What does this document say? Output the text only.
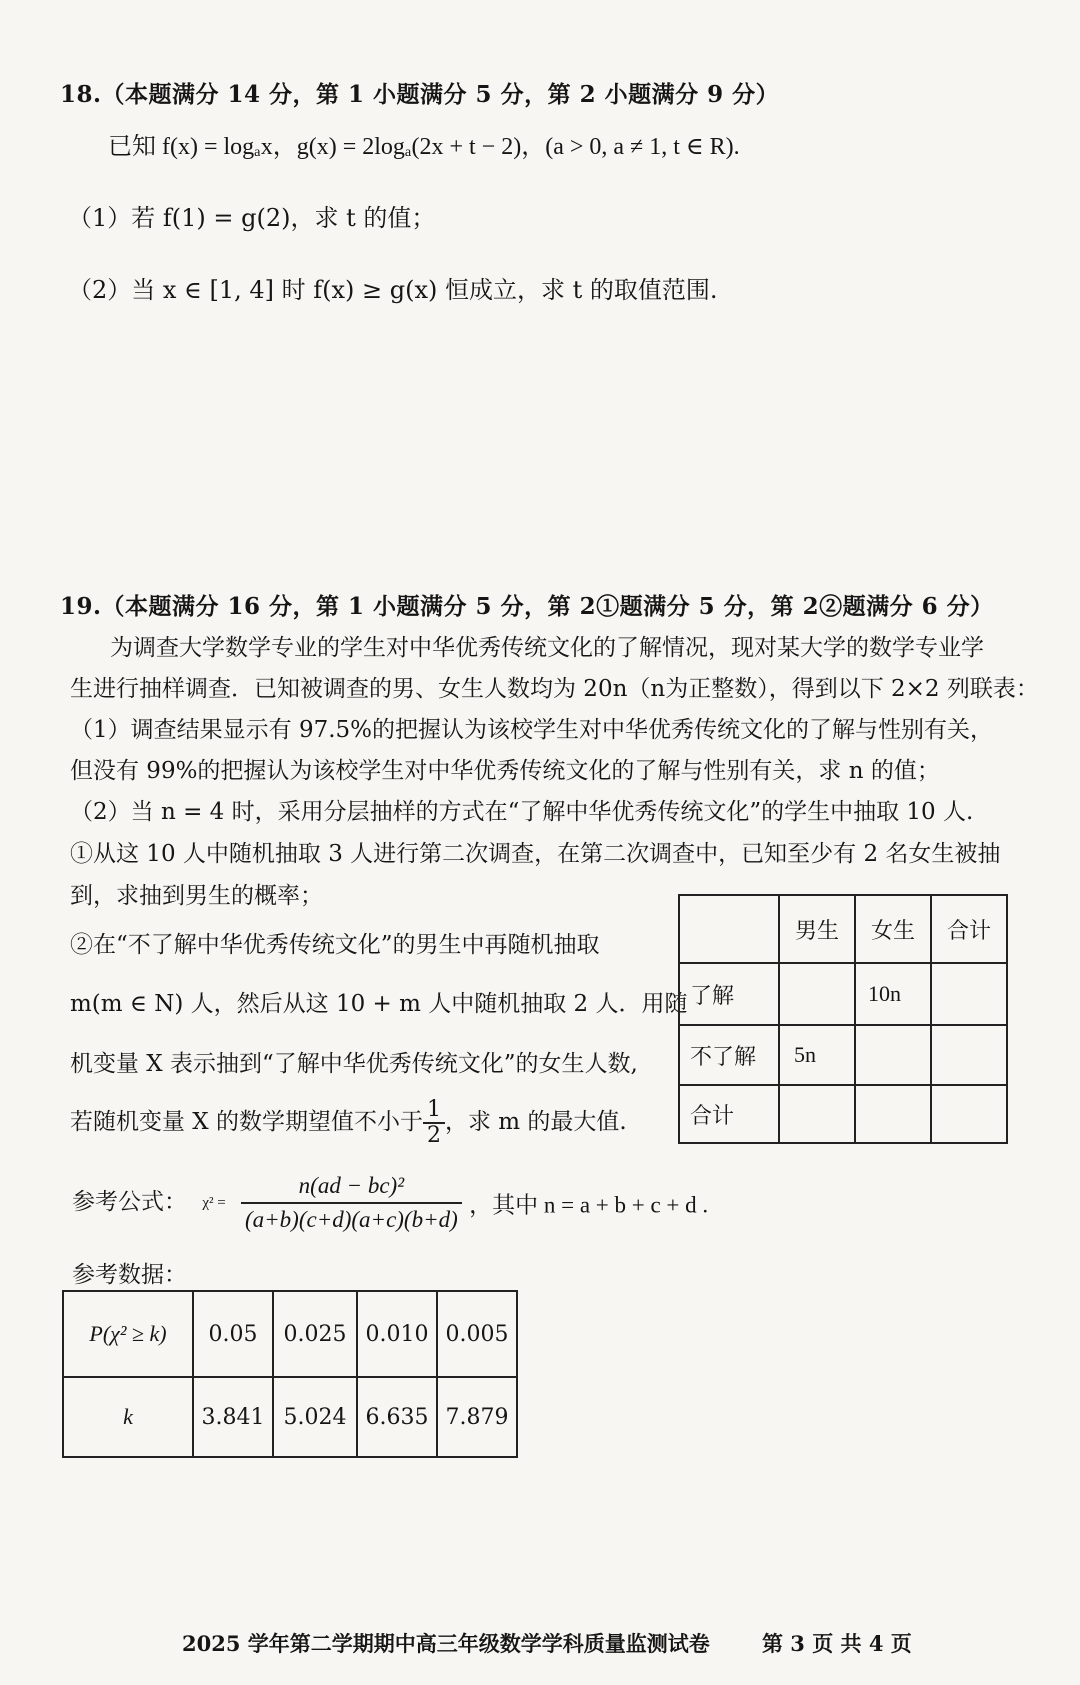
18.（本题满分 14 分，第 1 小题满分 5 分，第 2 小题满分 9 分）
已知 f(x) = logₐx，g(x) = 2logₐ(2x + t − 2)，(a > 0, a ≠ 1, t ∈ R).
（1）若 f(1) = g(2)，求 t 的值；
（2）当 x ∈ [1, 4] 时 f(x) ≥ g(x) 恒成立，求 t 的取值范围.
19.（本题满分 16 分，第 1 小题满分 5 分，第 2①题满分 5 分，第 2②题满分 6 分）
为调查大学数学专业的学生对中华优秀传统文化的了解情况，现对某大学的数学专业学
生进行抽样调查．已知被调查的男、女生人数均为 20n（n为正整数），得到以下 2×2 列联表：
（1）调查结果显示有 97.5%的把握认为该校学生对中华优秀传统文化的了解与性别有关，
但没有 99%的把握认为该校学生对中华优秀传统文化的了解与性别有关，求 n 的值；
（2）当 n = 4 时，采用分层抽样的方式在“了解中华优秀传统文化”的学生中抽取 10 人.
①从这 10 人中随机抽取 3 人进行第二次调查，在第二次调查中，已知至少有 2 名女生被抽
到，求抽到男生的概率；
②在“不了解中华优秀传统文化”的男生中再随机抽取
m(m ∈ N) 人，然后从这 10 + m 人中随机抽取 2 人．用随
机变量 X 表示抽到“了解中华优秀传统文化”的女生人数,
若随机变量 X 的数学期望值不小于 $\frac{1}{2}$ ，求 m 的最大值.
	男生	女生	合计
了解		10n	
不了解	5n		
合计			
参考公式： $\chi^2 = \frac{\text{n(ad − bc)²}}{(a+b)(c+d)(a+c)(b+d)}$ ，其中 n = a + b + c + d .
参考数据：
P(χ² ≥ k)	0.05	0.025	0.010	0.005
k	3.841	5.024	6.635	7.879
2025 学年第二学期期中高三年级数学学科质量监测试卷 第 3 页 共 4 页
